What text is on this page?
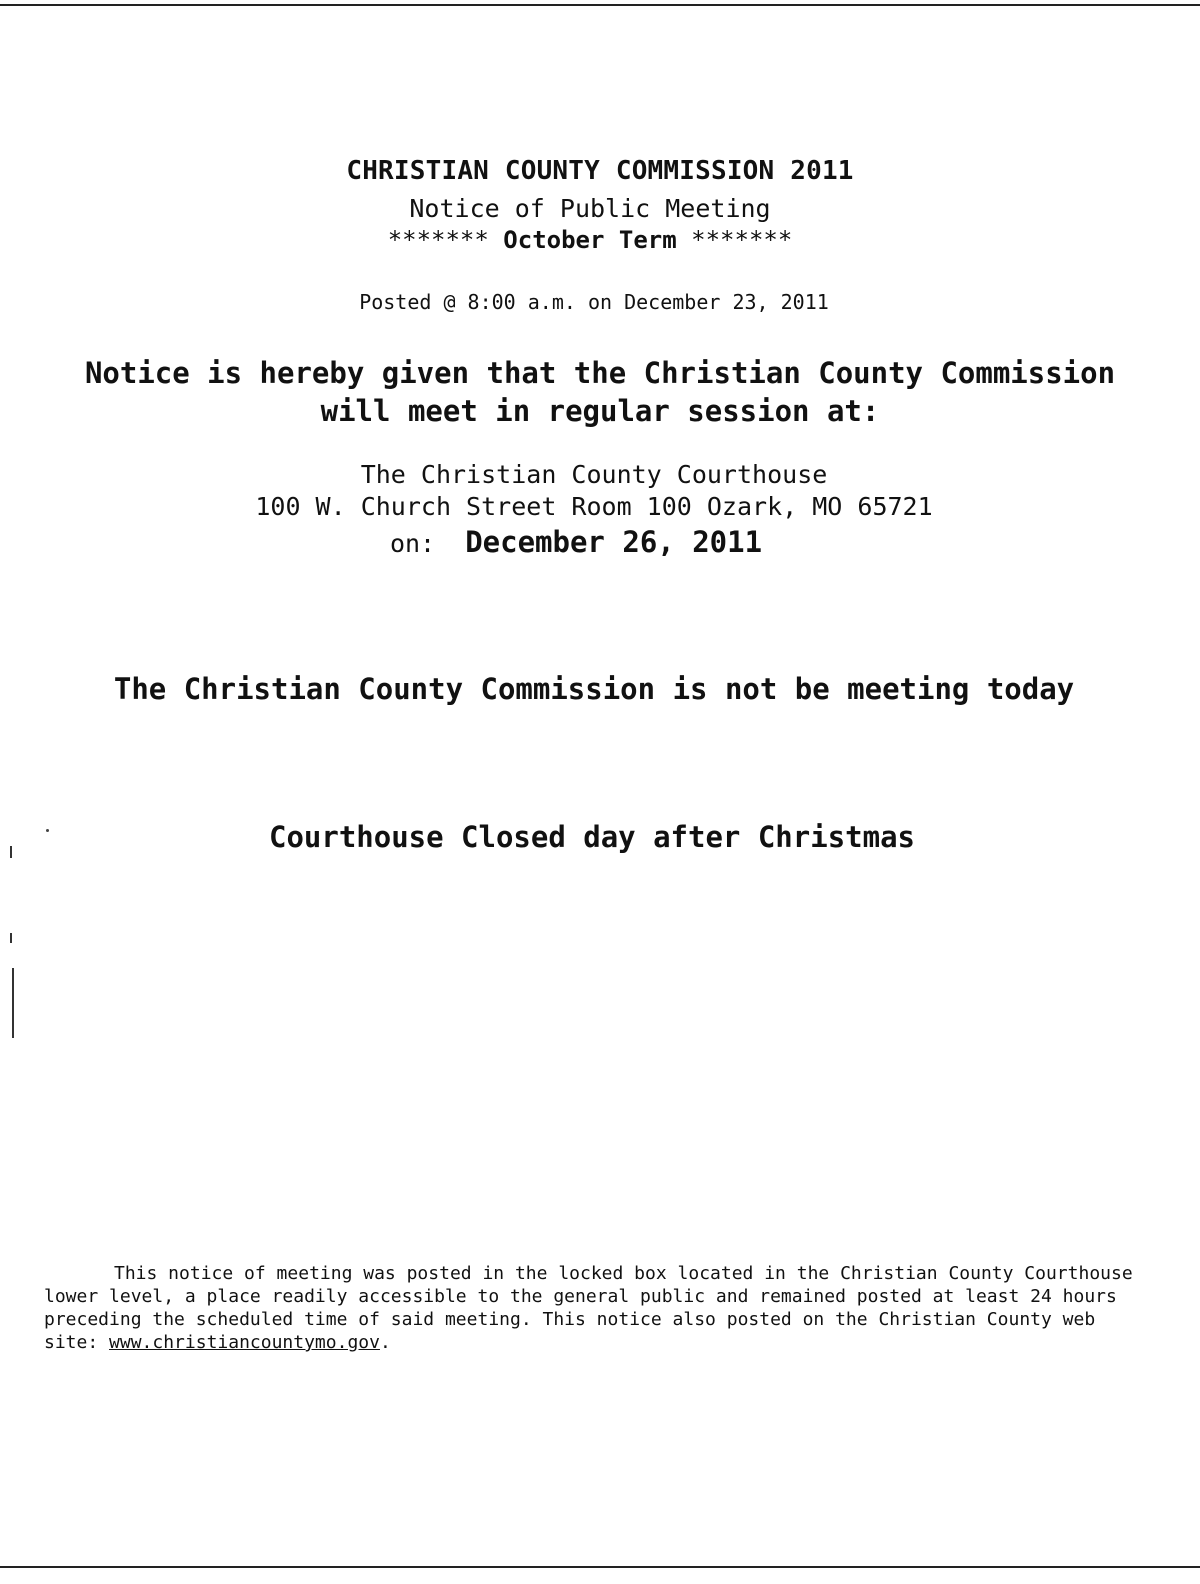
CHRISTIAN COUNTY COMMISSION 2011
Notice of Public Meeting
******* October Term *******
Posted @ 8:00 a.m. on December 23, 2011
Notice is hereby given that the Christian County Commission
will meet in regular session at:
The Christian County Courthouse
100 W. Church Street Room 100 Ozark, MO 65721
on: December 26, 2011
The Christian County Commission is not be meeting today
Courthouse Closed day after Christmas
This notice of meeting was posted in the locked box located in the Christian County Courthouse lower level, a place readily accessible to the general public and remained posted at least 24 hours preceding the scheduled time of said meeting. This notice also posted on the Christian County web site: www.christiancountymo.gov.
